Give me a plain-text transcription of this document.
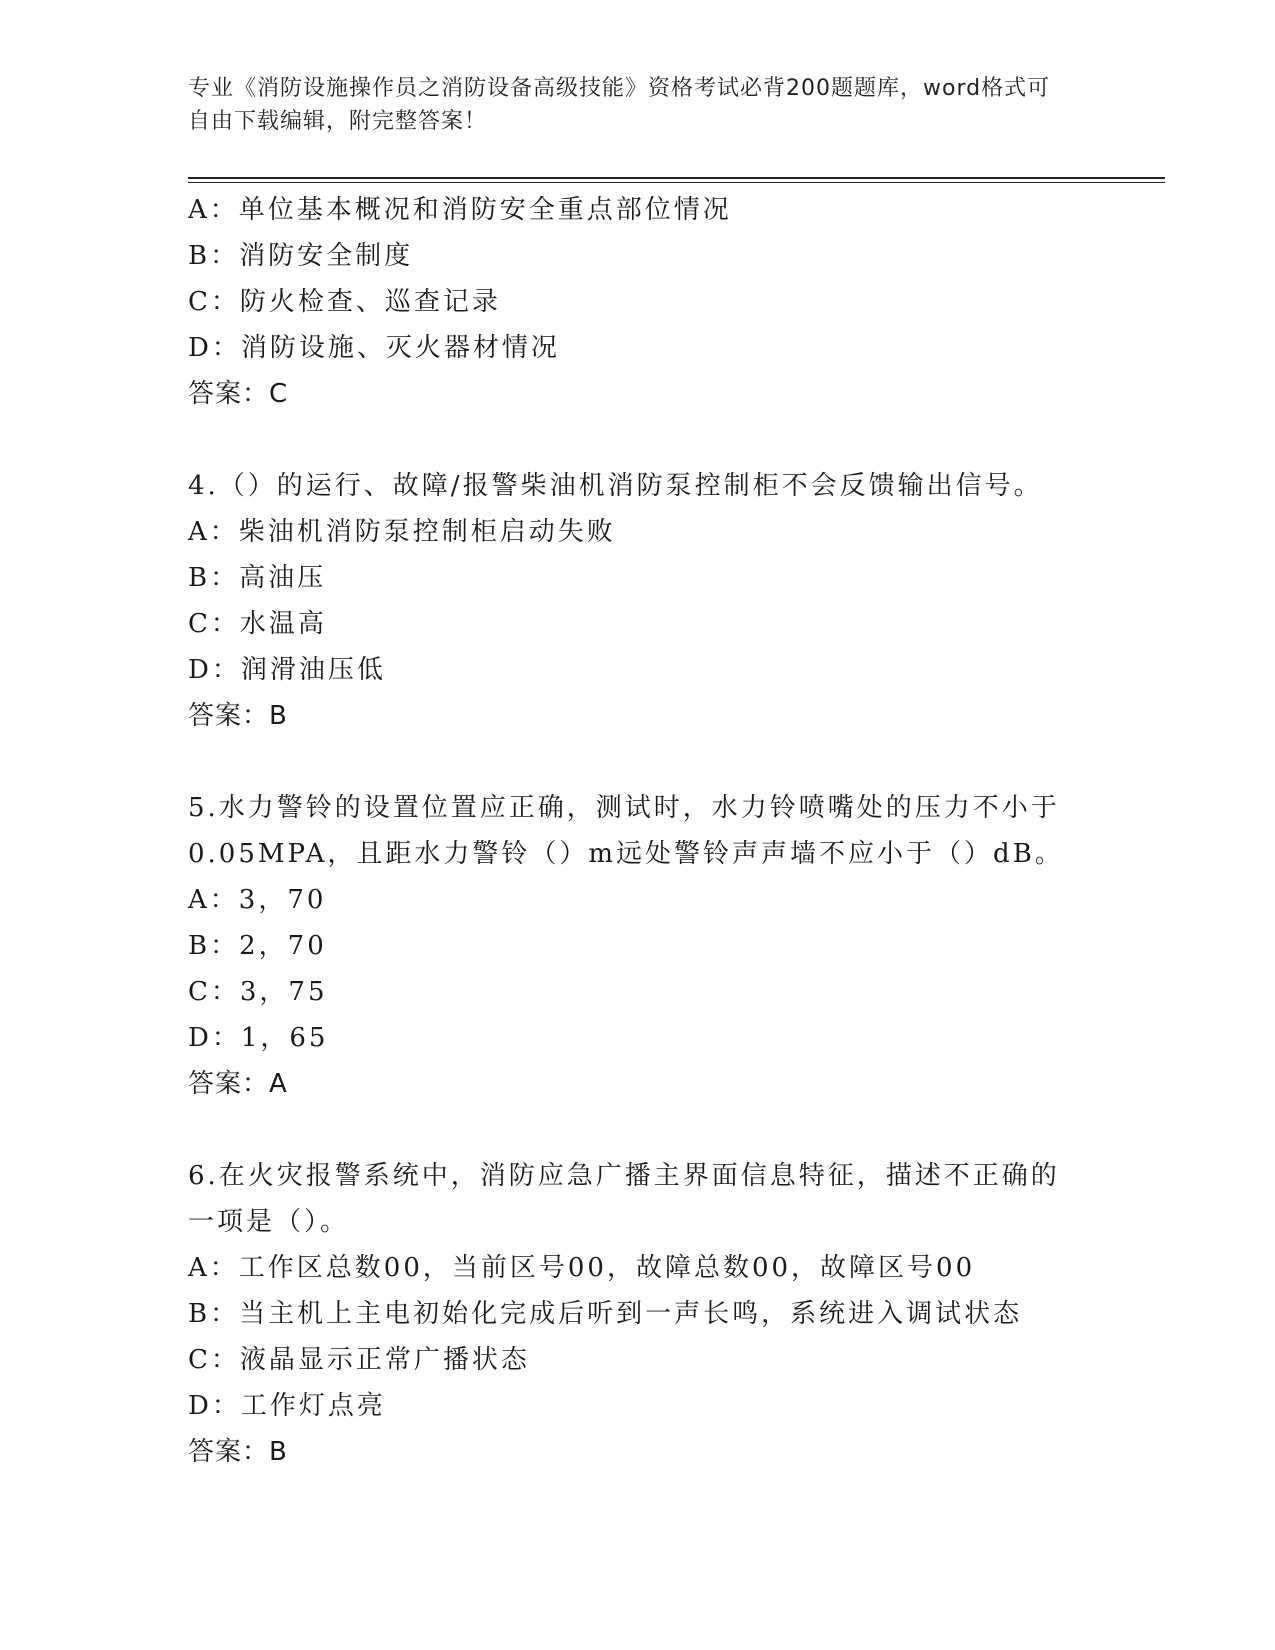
专业《消防设施操作员之消防设备高级技能》资格考试必背200题题库，word格式可自由下载编辑，附完整答案！
A：单位基本概况和消防安全重点部位情况
B：消防安全制度
C：防火检查、巡查记录
D：消防设施、灭火器材情况
答案：C
4.（）的运行、故障/报警柴油机消防泵控制柜不会反馈输出信号。
A：柴油机消防泵控制柜启动失败
B：高油压
C：水温高
D：润滑油压低
答案：B
5.水力警铃的设置位置应正确，测试时，水力铃喷嘴处的压力不小于
0.05MPA，且距水力警铃（）m远处警铃声声墙不应小于（）dB。
A：3，70
B：2，70
C：3，75
D：1，65
答案：A
6.在火灾报警系统中，消防应急广播主界面信息特征，描述不正确的
一项是（）。
A：工作区总数00，当前区号00，故障总数00，故障区号00
B：当主机上主电初始化完成后听到一声长鸣，系统进入调试状态
C：液晶显示正常广播状态
D：工作灯点亮
答案：B
